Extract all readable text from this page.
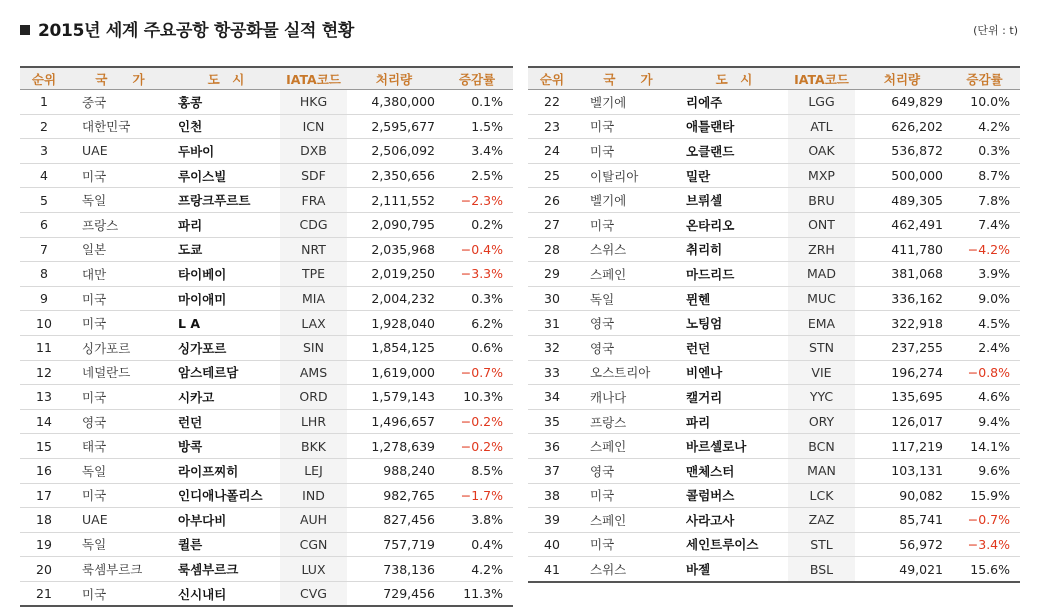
2015년 세계 주요공항 항공화물 실적 현황	(단위 : t)
순위	국　　가	도　시	IATA코드	처리량	증감률
1	중국	홍콩	HKG	4,380,000	0.1%
2	대한민국	인천	ICN	2,595,677	1.5%
3	UAE	두바이	DXB	2,506,092	3.4%
4	미국	루이스빌	SDF	2,350,656	2.5%
5	독일	프랑크푸르트	FRA	2,111,552	−2.3%
6	프랑스	파리	CDG	2,090,795	0.2%
7	일본	도쿄	NRT	2,035,968	−0.4%
8	대만	타이베이	TPE	2,019,250	−3.3%
9	미국	마이애미	MIA	2,004,232	0.3%
10	미국	L A	LAX	1,928,040	6.2%
11	싱가포르	싱가포르	SIN	1,854,125	0.6%
12	네덜란드	암스테르담	AMS	1,619,000	−0.7%
13	미국	시카고	ORD	1,579,143	10.3%
14	영국	런던	LHR	1,496,657	−0.2%
15	태국	방콕	BKK	1,278,639	−0.2%
16	독일	라이프찌히	LEJ	988,240	8.5%
17	미국	인디애나폴리스	IND	982,765	−1.7%
18	UAE	아부다비	AUH	827,456	3.8%
19	독일	퀼른	CGN	757,719	0.4%
20	룩셈부르크	룩셈부르크	LUX	738,136	4.2%
21	미국	신시내티	CVG	729,456	11.3%
순위	국　　가	도　시	IATA코드	처리량	증감률
22	벨기에	리에주	LGG	649,829	10.0%
23	미국	애틀랜타	ATL	626,202	4.2%
24	미국	오클랜드	OAK	536,872	0.3%
25	이탈리아	밀란	MXP	500,000	8.7%
26	벨기에	브뤼셀	BRU	489,305	7.8%
27	미국	온타리오	ONT	462,491	7.4%
28	스위스	취리히	ZRH	411,780	−4.2%
29	스페인	마드리드	MAD	381,068	3.9%
30	독일	뮌헨	MUC	336,162	9.0%
31	영국	노팅엄	EMA	322,918	4.5%
32	영국	런던	STN	237,255	2.4%
33	오스트리아	비엔나	VIE	196,274	−0.8%
34	캐나다	캘거리	YYC	135,695	4.6%
35	프랑스	파리	ORY	126,017	9.4%
36	스페인	바르셀로나	BCN	117,219	14.1%
37	영국	맨체스터	MAN	103,131	9.6%
38	미국	콜럼버스	LCK	90,082	15.9%
39	스페인	사라고사	ZAZ	85,741	−0.7%
40	미국	세인트루이스	STL	56,972	−3.4%
41	스위스	바젤	BSL	49,021	15.6%
